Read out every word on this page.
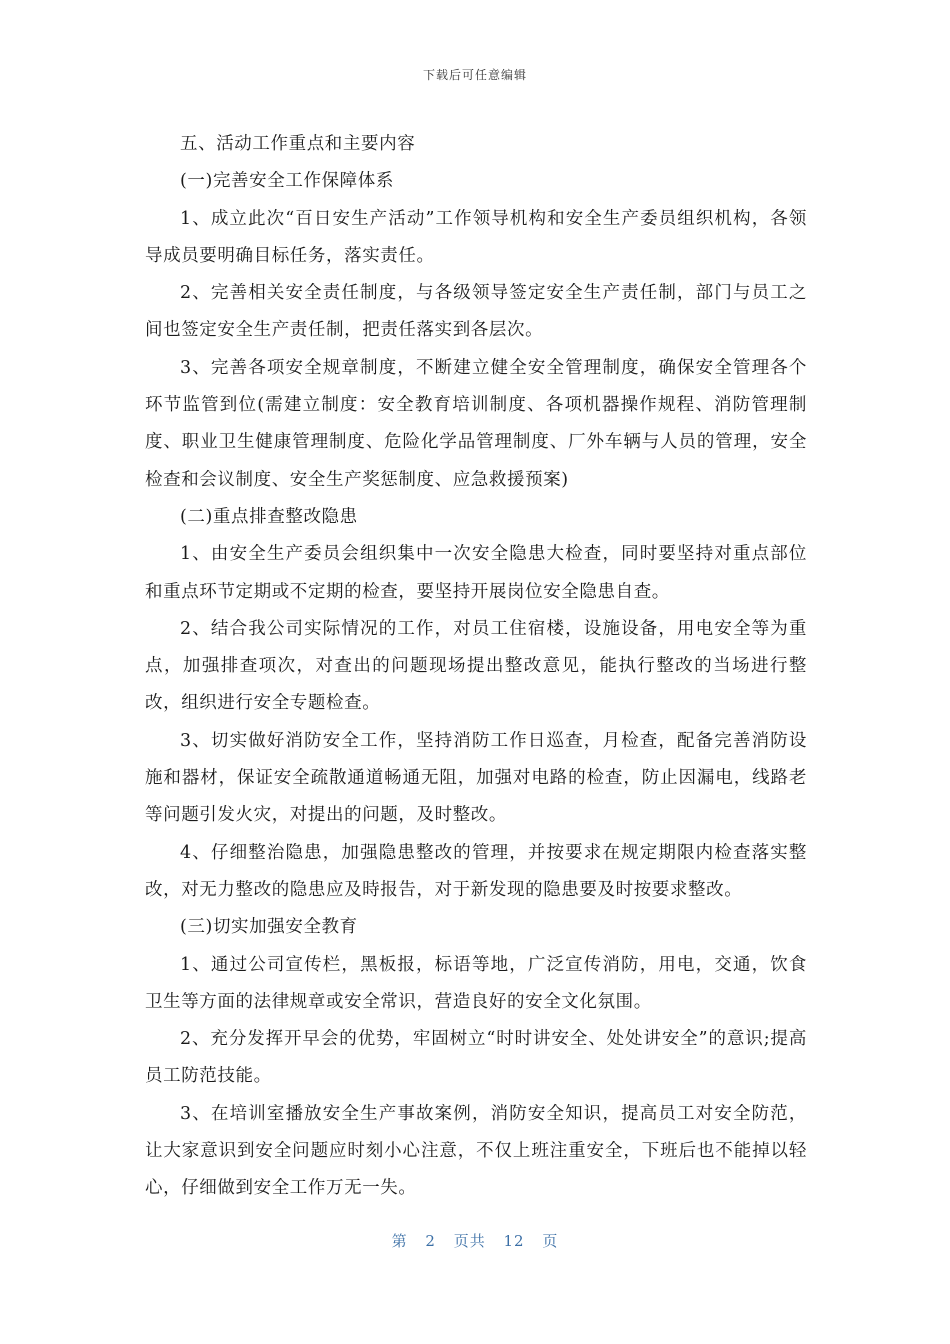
下载后可任意编辑

五、活动工作重点和主要内容

(一)完善安全工作保障体系

1、成立此次“百日安生产活动”工作领导机构和安全生产委员组织机构，各领导成员要明确目标任务，落实责任。

2、完善相关安全责任制度，与各级领导签定安全生产责任制，部门与员工之间也签定安全生产责任制，把责任落实到各层次。

3、完善各项安全规章制度，不断建立健全安全管理制度，确保安全管理各个环节监管到位(需建立制度：安全教育培训制度、各项机器操作规程、消防管理制度、职业卫生健康管理制度、危险化学品管理制度、厂外车辆与人员的管理，安全检查和会议制度、安全生产奖惩制度、应急救援预案)

(二)重点排查整改隐患

1、由安全生产委员会组织集中一次安全隐患大检查，同时要坚持对重点部位和重点环节定期或不定期的检查，要坚持开展岗位安全隐患自查。

2、结合我公司实际情况的工作，对员工住宿楼，设施设备，用电安全等为重点，加强排查项次，对查出的问题现场提出整改意见，能执行整改的当场进行整改，组织进行安全专题检查。

3、切实做好消防安全工作，坚持消防工作日巡查，月检查，配备完善消防设施和器材，保证安全疏散通道畅通无阻，加强对电路的检查，防止因漏电，线路老等问题引发火灾，对提出的问题，及时整改。

4、仔细整治隐患，加强隐患整改的管理，并按要求在规定期限内检查落实整改，对无力整改的隐患应及時报告，对于新发现的隐患要及时按要求整改。

(三)切实加强安全教育

1、通过公司宣传栏，黑板报，标语等地，广泛宣传消防，用电，交通，饮食卫生等方面的法律规章或安全常识，营造良好的安全文化氛围。

2、充分发挥开早会的优势，牢固树立“时时讲安全、处处讲安全”的意识;提高员工防范技能。

3、在培训室播放安全生产事故案例，消防安全知识，提高员工对安全防范，让大家意识到安全问题应时刻小心注意，不仅上班注重安全，下班后也不能掉以轻心，仔细做到安全工作万无一失。

第 2 页共 12 页
